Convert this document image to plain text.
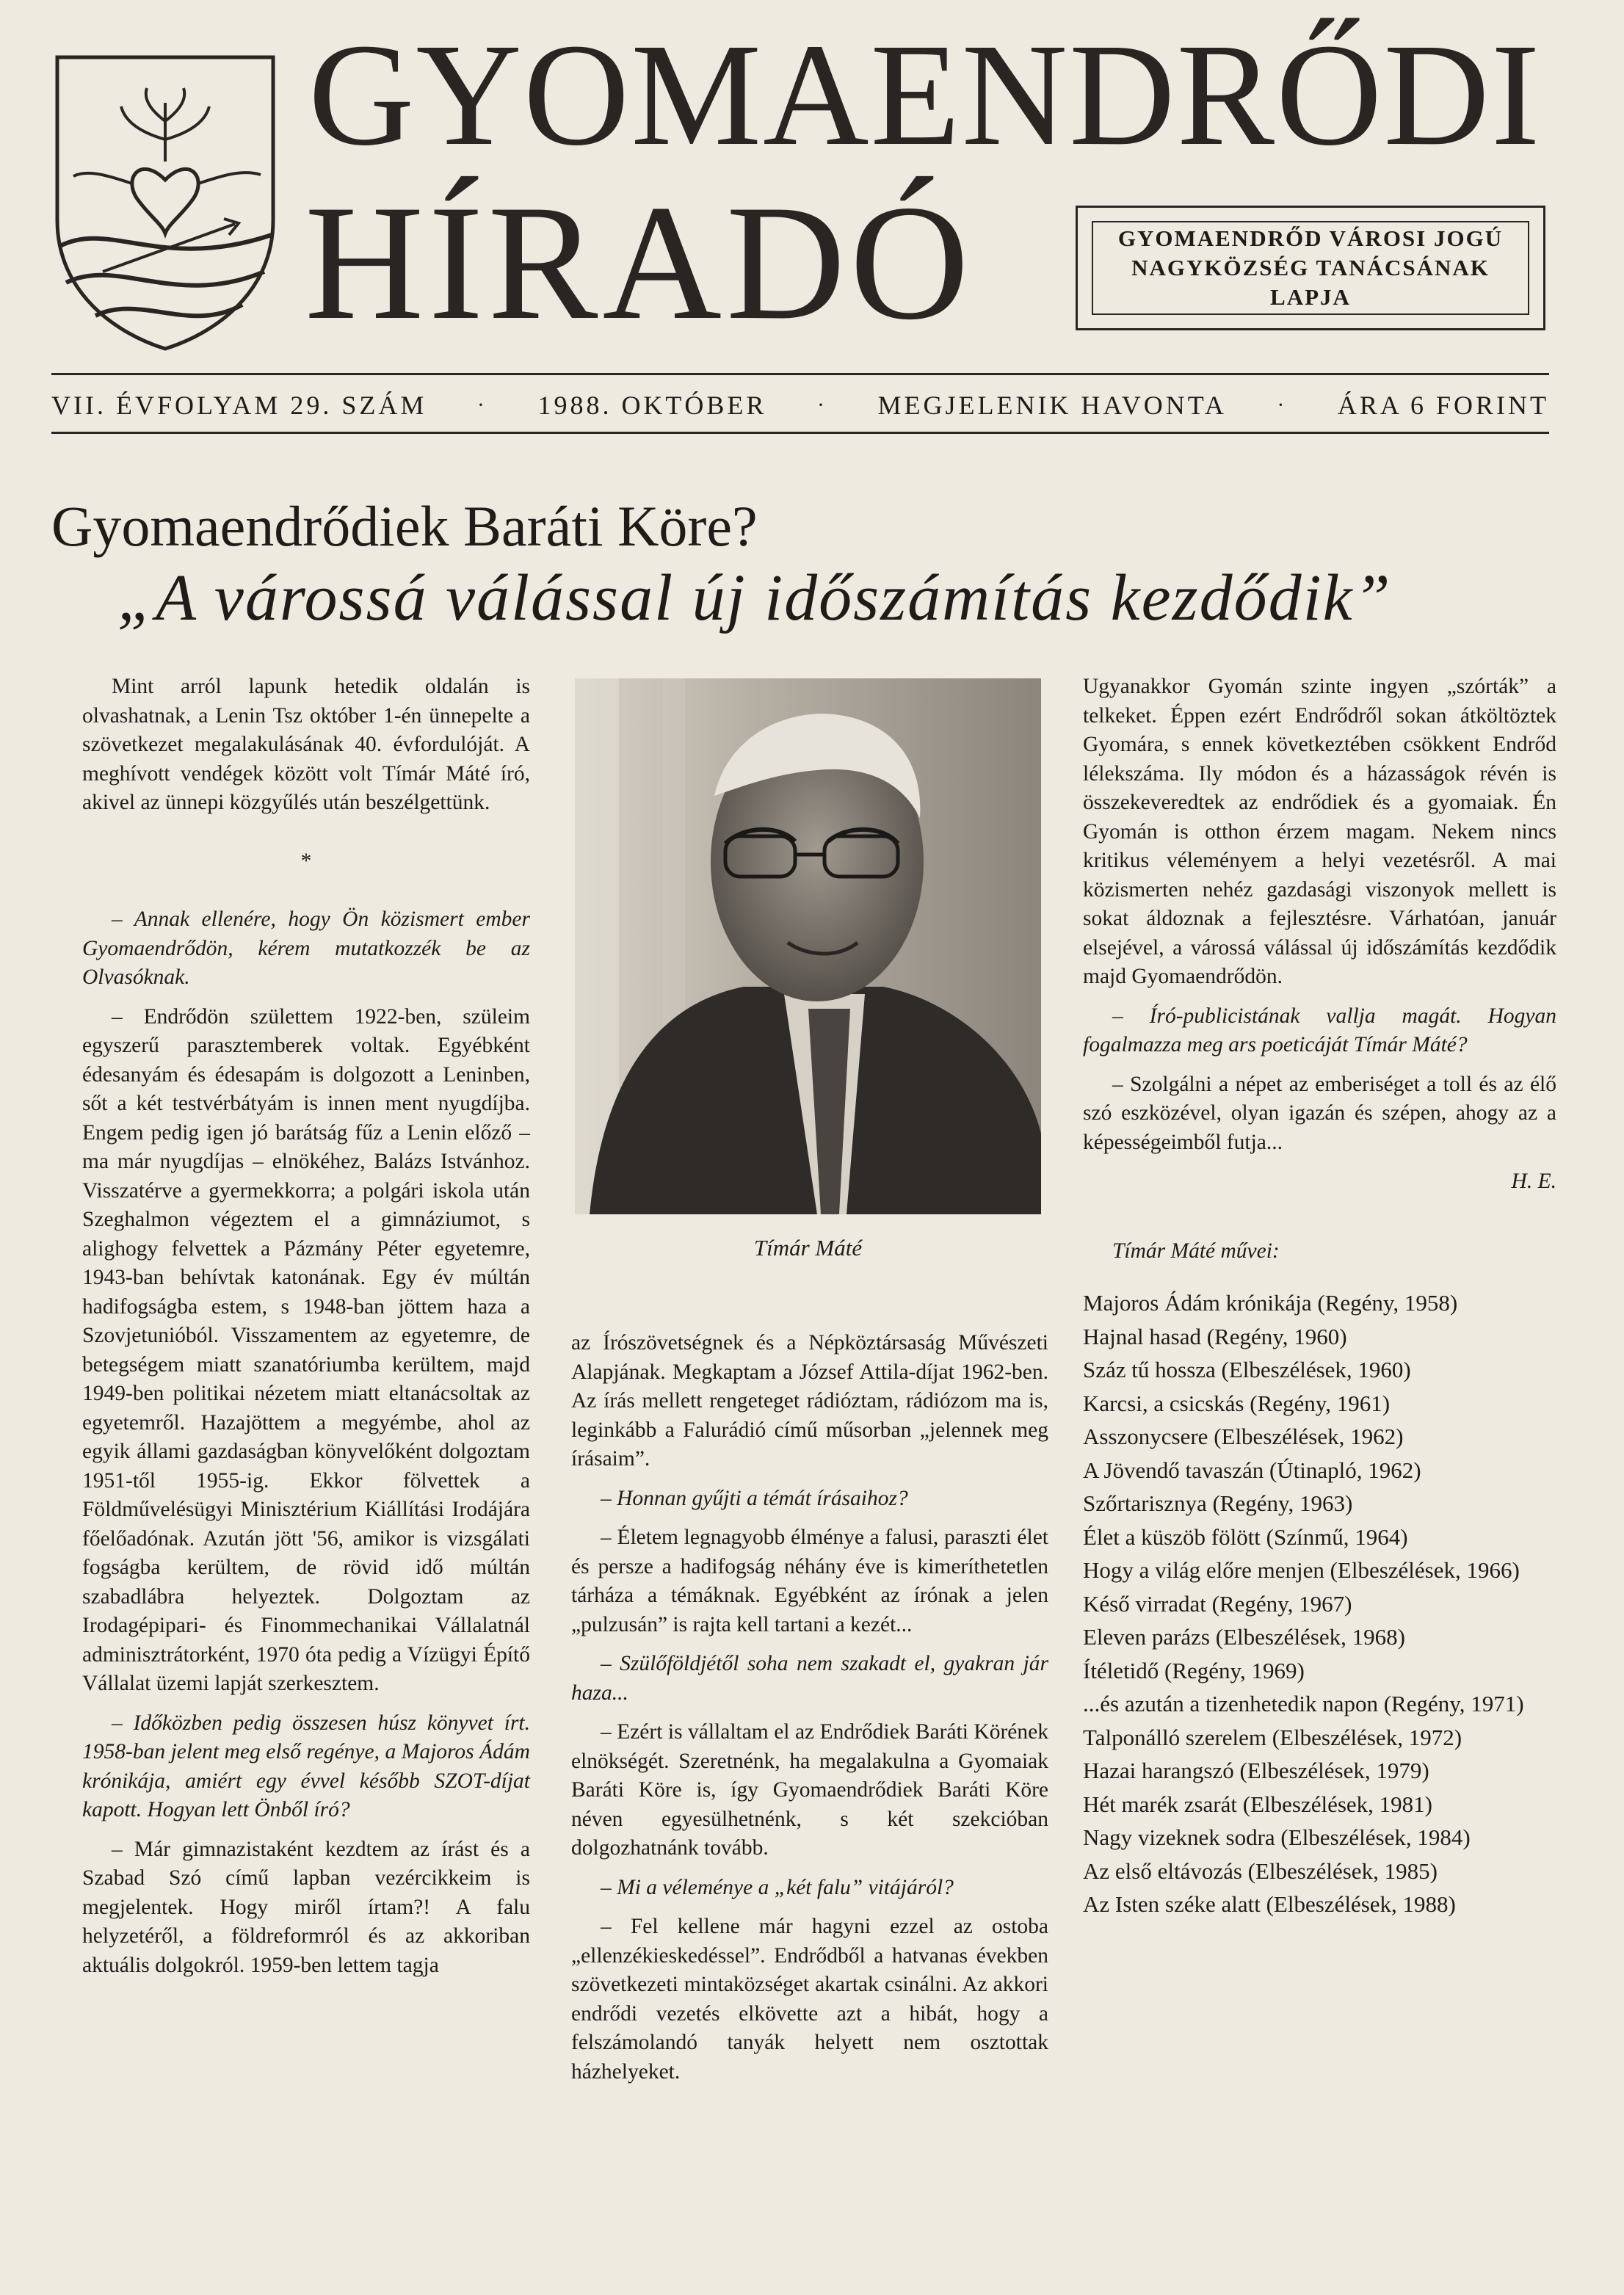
GYOMAENDRŐDI
HÍRADÓ	GYOMAENDRŐD VÁROSI JOGÚ
NAGYKÖZSÉG TANÁCSÁNAK
LAPJA
VII. ÉVFOLYAM 29. SZÁM · 1988. OKTÓBER · MEGJELENIK HAVONTA · ÁRA 6 FORINT
Gyomaendrődiek Baráti Köre?
„A várossá válással új időszámítás kezdődik”

Mint arról lapunk hetedik oldalán is olvashatnak, a Lenin Tsz október 1-én ünnepelte a szövetkezet megalakulásának 40. évfordulóját. A meghívott vendégek között volt Tímár Máté író, akivel az ünnepi közgyűlés után beszélgettünk.

*

– Annak ellenére, hogy Ön közismert ember Gyomaendrődön, kérem mutatkozzék be az Olvasóknak.

– Endrődön születtem 1922-ben, szüleim egyszerű parasztemberek voltak. Egyébként édesanyám és édesapám is dolgozott a Leninben, sőt a két testvérbátyám is innen ment nyugdíjba. Engem pedig igen jó barátság fűz a Lenin előző – ma már nyugdíjas – elnökéhez, Balázs Istvánhoz. Visszatérve a gyermekkorra; a polgári iskola után Szeghalmon végeztem el a gimnáziumot, s alighogy felvettek a Pázmány Péter egyetemre, 1943-ban behívtak katonának. Egy év múltán hadifogságba estem, s 1948-ban jöttem haza a Szovjetunióból. Visszamentem az egyetemre, de betegségem miatt szanatóriumba kerültem, majd 1949-ben politikai nézetem miatt eltanácsoltak az egyetemről. Hazajöttem a megyémbe, ahol az egyik állami gazdaságban könyvelőként dolgoztam 1951-től 1955-ig. Ekkor fölvettek a Földművelésügyi Minisztérium Kiállítási Irodájára főelőadónak. Azután jött '56, amikor is vizsgálati fogságba kerültem, de rövid idő múltán szabadlábra helyeztek. Dolgoztam az Irodagépipari- és Finommechanikai Vállalatnál adminisztrátorként, 1970 óta pedig a Vízügyi Építő Vállalat üzemi lapját szerkesztem.

– Időközben pedig összesen húsz könyvet írt. 1958-ban jelent meg első regénye, a Majoros Ádám krónikája, amiért egy évvel később SZOT-díjat kapott. Hogyan lett Önből író?

– Már gimnazistaként kezdtem az írást és a Szabad Szó című lapban vezércikkeim is megjelentek. Hogy miről írtam?! A falu helyzetéről, a földreformról és az akkoriban aktuális dolgokról. 1959-ben lettem tagja

Tímár Máté

az Írószövetségnek és a Népköztársaság Művészeti Alapjának. Megkaptam a József Attila-díjat 1962-ben. Az írás mellett rengeteget rádióztam, rádiózom ma is, leginkább a Falurádió című műsorban „jelennek meg írásaim”.

– Honnan gyűjti a témát írásaihoz?

– Életem legnagyobb élménye a falusi, paraszti élet és persze a hadifogság néhány éve is kimeríthetetlen tárháza a témáknak. Egyébként az írónak a jelen „pulzusán” is rajta kell tartani a kezét...

– Szülőföldjétől soha nem szakadt el, gyakran jár haza...

– Ezért is vállaltam el az Endrődiek Baráti Körének elnökségét. Szeretnénk, ha megalakulna a Gyomaiak Baráti Köre is, így Gyomaendrődiek Baráti Köre néven egyesülhetnénk, s két szekcióban dolgozhatnánk tovább.

– Mi a véleménye a „két falu” vitájáról?

– Fel kellene már hagyni ezzel az ostoba „ellenzékieskedéssel”. Endrődből a hatvanas években szövetkezeti mintaközséget akartak csinálni. Az akkori endrődi vezetés elkövette azt a hibát, hogy a felszámolandó tanyák helyett nem osztottak házhelyeket.

Ugyanakkor Gyomán szinte ingyen „szórták” a telkeket. Éppen ezért Endrődről sokan átköltöztek Gyomára, s ennek következtében csökkent Endrőd lélekszáma. Ily módon és a házasságok révén is összekeveredtek az endrődiek és a gyomaiak. Én Gyomán is otthon érzem magam. Nekem nincs kritikus véleményem a helyi vezetésről. A mai közismerten nehéz gazdasági viszonyok mellett is sokat áldoznak a fejlesztésre. Várhatóan, január elsejével, a várossá válással új időszámítás kezdődik majd Gyomaendrődön.

– Író-publicistának vallja magát. Hogyan fogalmazza meg ars poeticáját Tímár Máté?

– Szolgálni a népet az emberiséget a toll és az élő szó eszközével, olyan igazán és szépen, ahogy az a képességeimből futja...

H. E.

Tímár Máté művei:

Majoros Ádám krónikája (Regény, 1958)
Hajnal hasad (Regény, 1960)
Száz tű hossza (Elbeszélések, 1960)
Karcsi, a csicskás (Regény, 1961)
Asszonycsere (Elbeszélések, 1962)
A Jövendő tavaszán (Útinapló, 1962)
Szőrtarisznya (Regény, 1963)
Élet a küszöb fölött (Színmű, 1964)
Hogy a világ előre menjen (Elbeszélések, 1966)
Késő virradat (Regény, 1967)
Eleven parázs (Elbeszélések, 1968)
Ítéletidő (Regény, 1969)
...és azután a tizenhetedik napon (Regény, 1971)
Talponálló szerelem (Elbeszélések, 1972)
Hazai harangszó (Elbeszélések, 1979)
Hét marék zsarát (Elbeszélések, 1981)
Nagy vizeknek sodra (Elbeszélések, 1984)
Az első eltávozás (Elbeszélések, 1985)
Az Isten széke alatt (Elbeszélések, 1988)
